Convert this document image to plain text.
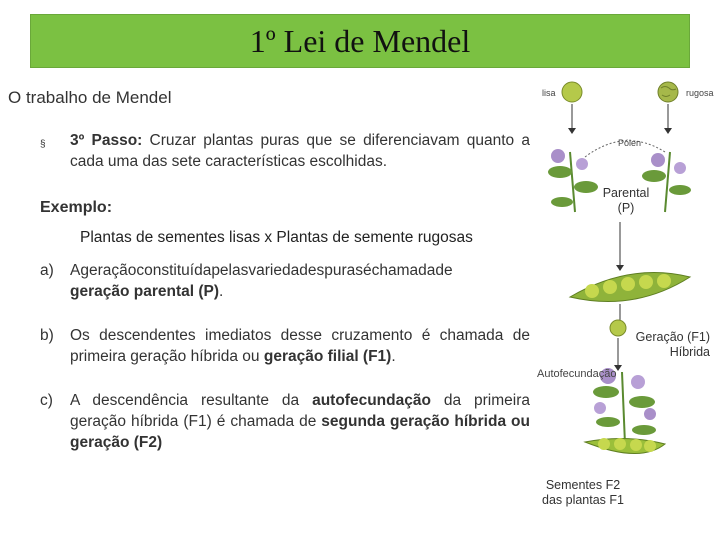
1º Lei de Mendel
O trabalho de Mendel
§ 3º Passo: Cruzar plantas puras que se diferenciavam quanto a cada uma das sete características escolhidas.
Exemplo:
Plantas de sementes lisas x Plantas de semente rugosas
a) Ageraçãoconstituídapelasvariedadespuraséchamadade
geração parental (P).
b) Os descendentes imediatos desse cruzamento é chamada de primeira geração híbrida ou geração filial (F1).
c) A descendência resultante da autofecundação da primeira geração híbrida (F1) é chamada de segunda geração híbrida ou geração (F2)
lisa	rugosa
Pólen
Parental (P)
Geração (F1) Híbrida
Autofecundação
Sementes F2 das plantas F1
